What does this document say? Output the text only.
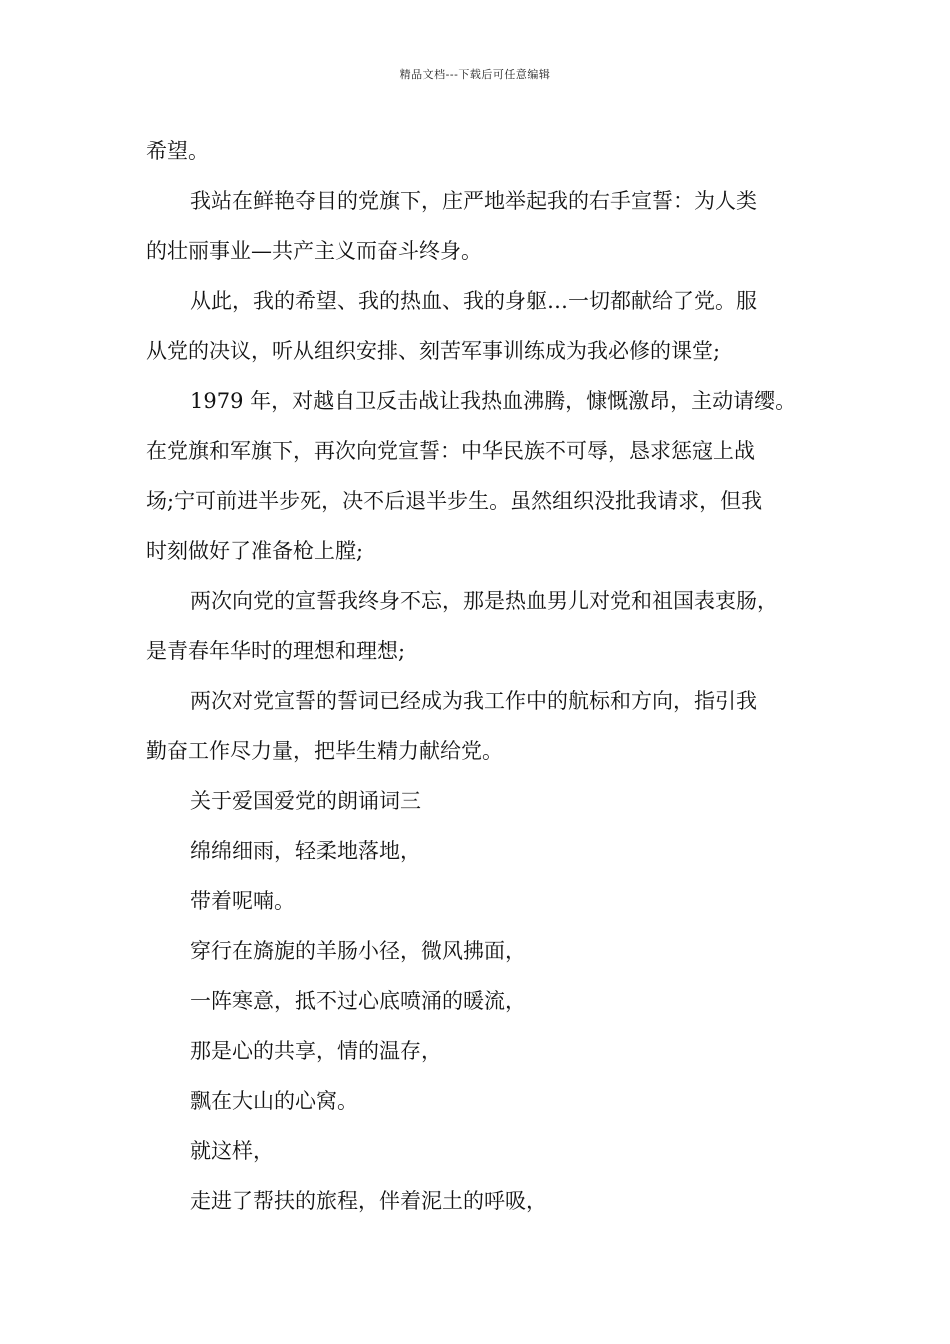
精品文档---下载后可任意编辑
希望。
我站在鲜艳夺目的党旗下，庄严地举起我的右手宣誓：为人类
的壮丽事业—共产主义而奋斗终身。
从此，我的希望、我的热血、我的身躯…一切都献给了党。服
从党的决议，听从组织安排、刻苦军事训练成为我必修的课堂;
1979 年，对越自卫反击战让我热血沸腾，慷慨激昂，主动请缨。
在党旗和军旗下，再次向党宣誓：中华民族不可辱，恳求惩寇上战
场;宁可前进半步死，决不后退半步生。虽然组织没批我请求，但我
时刻做好了准备枪上膛;
两次向党的宣誓我终身不忘，那是热血男儿对党和祖国表衷肠，
是青春年华时的理想和理想;
两次对党宣誓的誓词已经成为我工作中的航标和方向，指引我
勤奋工作尽力量，把毕生精力献给党。
关于爱国爱党的朗诵词三
绵绵细雨，轻柔地落地，
带着呢喃。
穿行在旖旎的羊肠小径，微风拂面，
一阵寒意，抵不过心底喷涌的暖流，
那是心的共享，情的温存，
飘在大山的心窝。
就这样，
走进了帮扶的旅程，伴着泥土的呼吸，
